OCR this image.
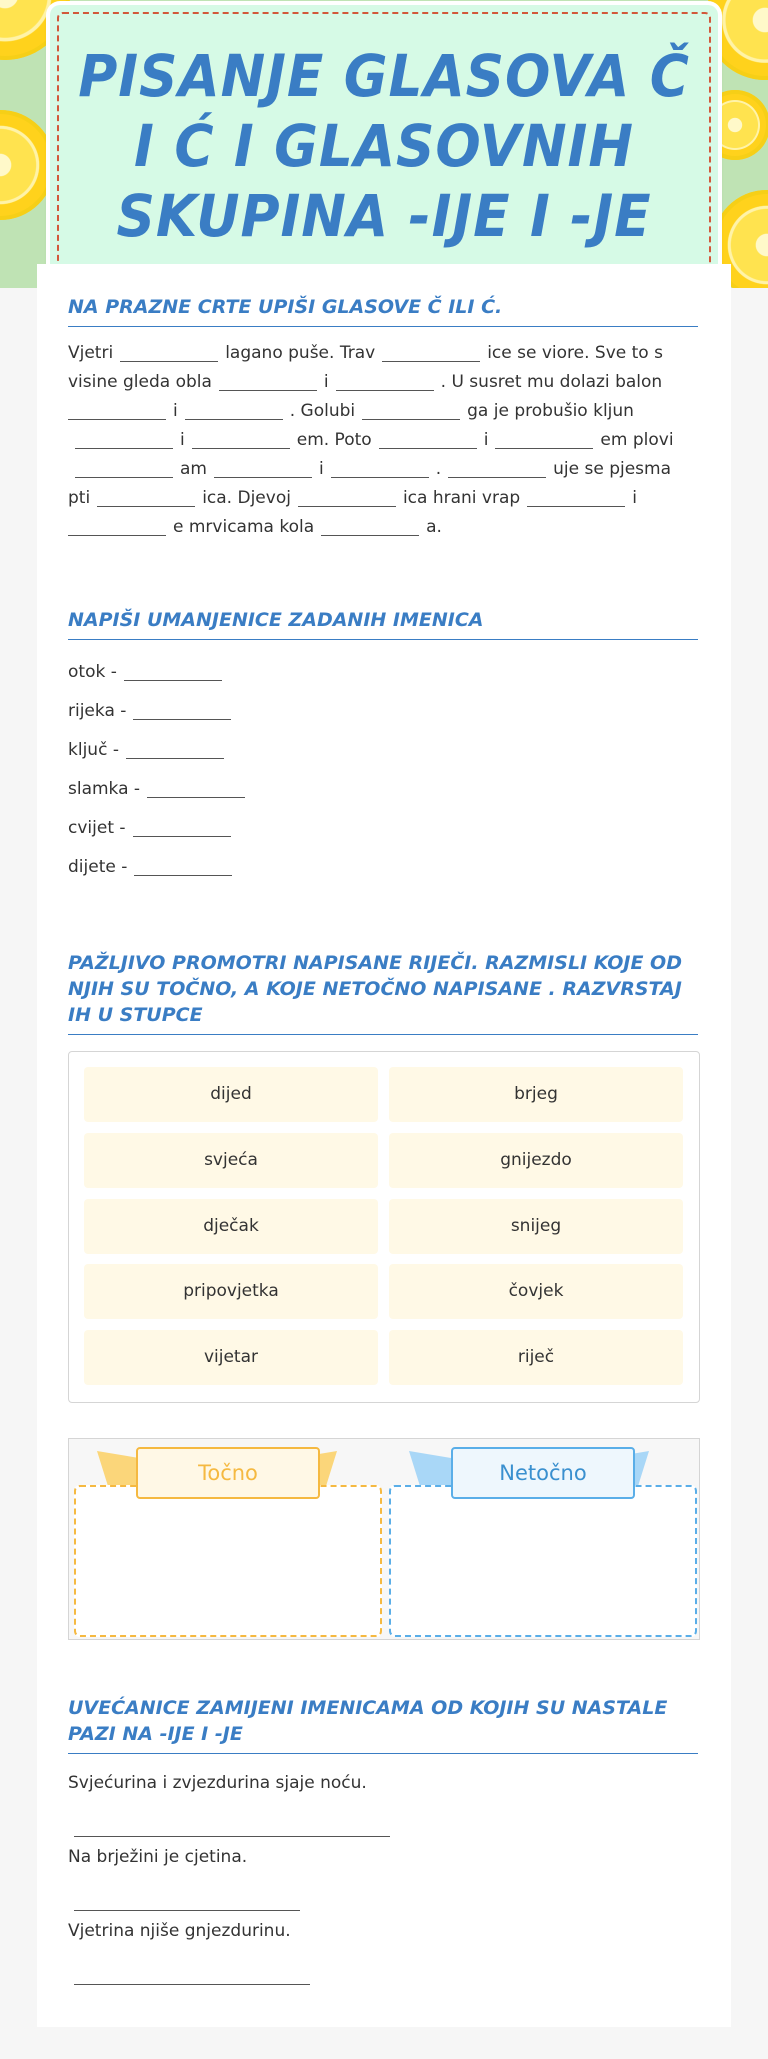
PISANJE GLASOVA Č I Ć I GLASOVNIH SKUPINA -IJE I -JE
NA PRAZNE CRTE UPIŠI GLASOVE Č ILI Ć.

Vjetri	lagano puše. Trav	ice se viore. Sve to s
visine gleda obla	i	. U susret mu dolazi balon
i	. Golubi	ga je probušio kljun
i	em. Poto	i	em plovi
am	i	.	uje se pjesma
pti	ica. Djevoj	ica hrani vrap	i
e mrvicama kola	a.

NAPIŠI UMANJENICE ZADANIH IMENICA
otok -
rijeka -
ključ -
slamka -
cvijet -
dijete -
PAŽLJIVO PROMOTRI NAPISANE RIJEČI. RAZMISLI KOJE OD NJIH SU TOČNO, A KOJE NETOČNO NAPISANE . RAZVRSTAJ IH U STUPCE
dijed	brjeg
svjeća	gnijezdo
dječak	snijeg
pripovjetka	čovjek
vijetar	riječ
Točno	Netočno
UVEĆANICE ZAMIJENI IMENICAMA OD KOJIH SU NASTALE PAZI NA -IJE I -JE
Svjećurina i zvjezdurina sjaje noću.
Na brježini je cjetina.
Vjetrina njiše gnjezdurinu.
